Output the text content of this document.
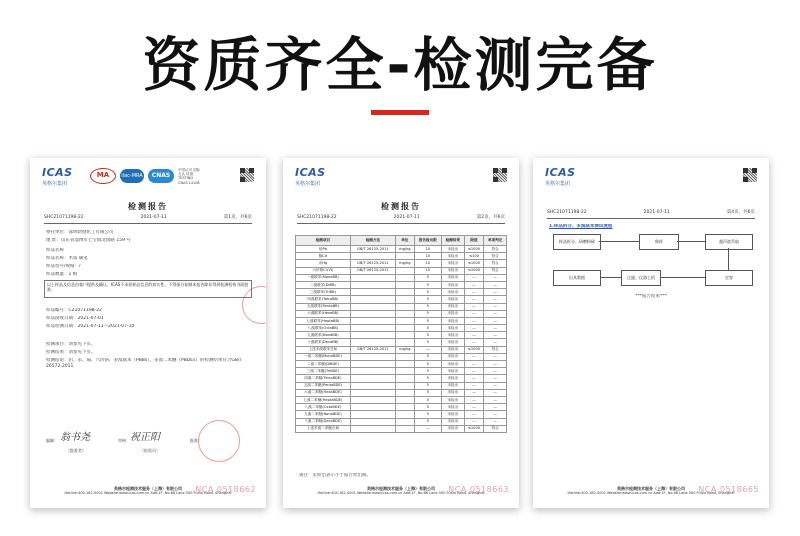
资质齐全-检测完备
ICAS
英格尔集团
MA	ilac-MRA	CNAS
中国认可 国际互认 检测 TESTING CNAS L4108
检测报告
SHC21071198-22	2021-07-11	第1页，共6页
委托单位：深圳新德化工有限公司
地 址：山东省淄博市七宝镇北园路 159 号
样品名称
样品名称：木质 碳笔
样品型号/规格：/
样品数量：1 根
以上样品及信息由客户提供及确认，ICAS不承担样品信息的真实性。不得部分复制本报告除非得到检测机构书面批准。
样品编号：C21071198-22
样品接收日期：2021-07-01
样品检测日期：2021-07-11～2021-07-10
检测项目：请参见下页。
检测结果：请参见下页。
检测结论：铅、汞、镉、六价铬、多溴联苯（PBBs）、多溴二苯醚（PBDEs）的检测结果符合GB/T 26572-2011
编制： 翁书尧
（批准者）
审核： 祝正阳
（检验员）
批准：
英格尔检测技术服务（上海）有限公司
Hotline:400-182-0001 Website:www.icas.com.cn Add:1F, No.66 Lane 500 Fuhui Road, Shanghai
NCA 0518662
ICAS
英格尔集团
检测报告
SHC21071198-22	2021-07-11	第2页，共6页
检测项目	检测方法	单位	报告检出限	检测结果	限值	单项判定
铅Pb	GB/T 26125-2011	mg/kg	10	未检出	≤1000	符合
镉Cd			10	未检出	≤100	符合
汞Hg	GB/T 26125-2011	mg/kg	10	未检出	≤1000	符合
六价铬Cr(VI)	GB/T 26125-2011		10	未检出	≤1000	符合
一溴联苯(MonoBB)			5	未检出	—	—
二溴联苯(DiBB)			5	未检出	—	—
三溴联苯(TriBB)			5	未检出	—	—
四溴联苯(TetraBB)			5	未检出	—	—
五溴联苯(PentaBB)			5	未检出	—	—
六溴联苯(HexaBB)			5	未检出	—	—
七溴联苯(HeptaBB)			5	未检出	—	—
八溴联苯(OctaBB)			5	未检出	—	—
九溴联苯(NonaBB)			5	未检出	—	—
十溴联苯(DecaBB)			5	未检出	—	—
上述多溴联苯总和	GB/T 26125-2011	mg/kg	—	未检出	≤1000	符合
一溴二苯醚(MonoBDE)			5	未检出	—	—
二溴二苯醚(DiBDE)			5	未检出	—	—
三溴二苯醚(TriBDE)			5	未检出	—	—
四溴二苯醚(TetraBDE)			5	未检出	—	—
五溴二苯醚(PentaBDE)			5	未检出	—	—
六溴二苯醚(HexaBDE)			5	未检出	—	—
七溴二苯醚(HeptaBDE)			5	未检出	—	—
八溴二苯醚(OctaBDE)			5	未检出	—	—
九溴二苯醚(NonaBDE)			5	未检出	—	—
十溴二苯醚(DecaBDE)			5	未检出	—	—
上述多溴二苯醚总和			—	未检出	≤1000	符合
备注：未检出表示小于报告检出限。
英格尔检测技术服务（上海）有限公司
Hotline:400-182-0001 Website:www.icas.com.cn Add:1F, No.66 Lane 500 Fuhui Road, Shanghai
NCA 0518663
ICAS
英格尔集团
SHC21071198-22	2021-07-11	第4页，共6页
1.样品拆分、多溴联苯测试流程
样品拆分、研磨粉碎	称样	超声波萃取
定容
过滤、仪器上机
出具数据
***报告结束***
英格尔检测技术服务（上海）有限公司
Hotline:400-182-0001 Website:www.icas.com.cn Add:1F, No.66 Lane 500 Fuhui Road, Shanghai
NCA 0518665
